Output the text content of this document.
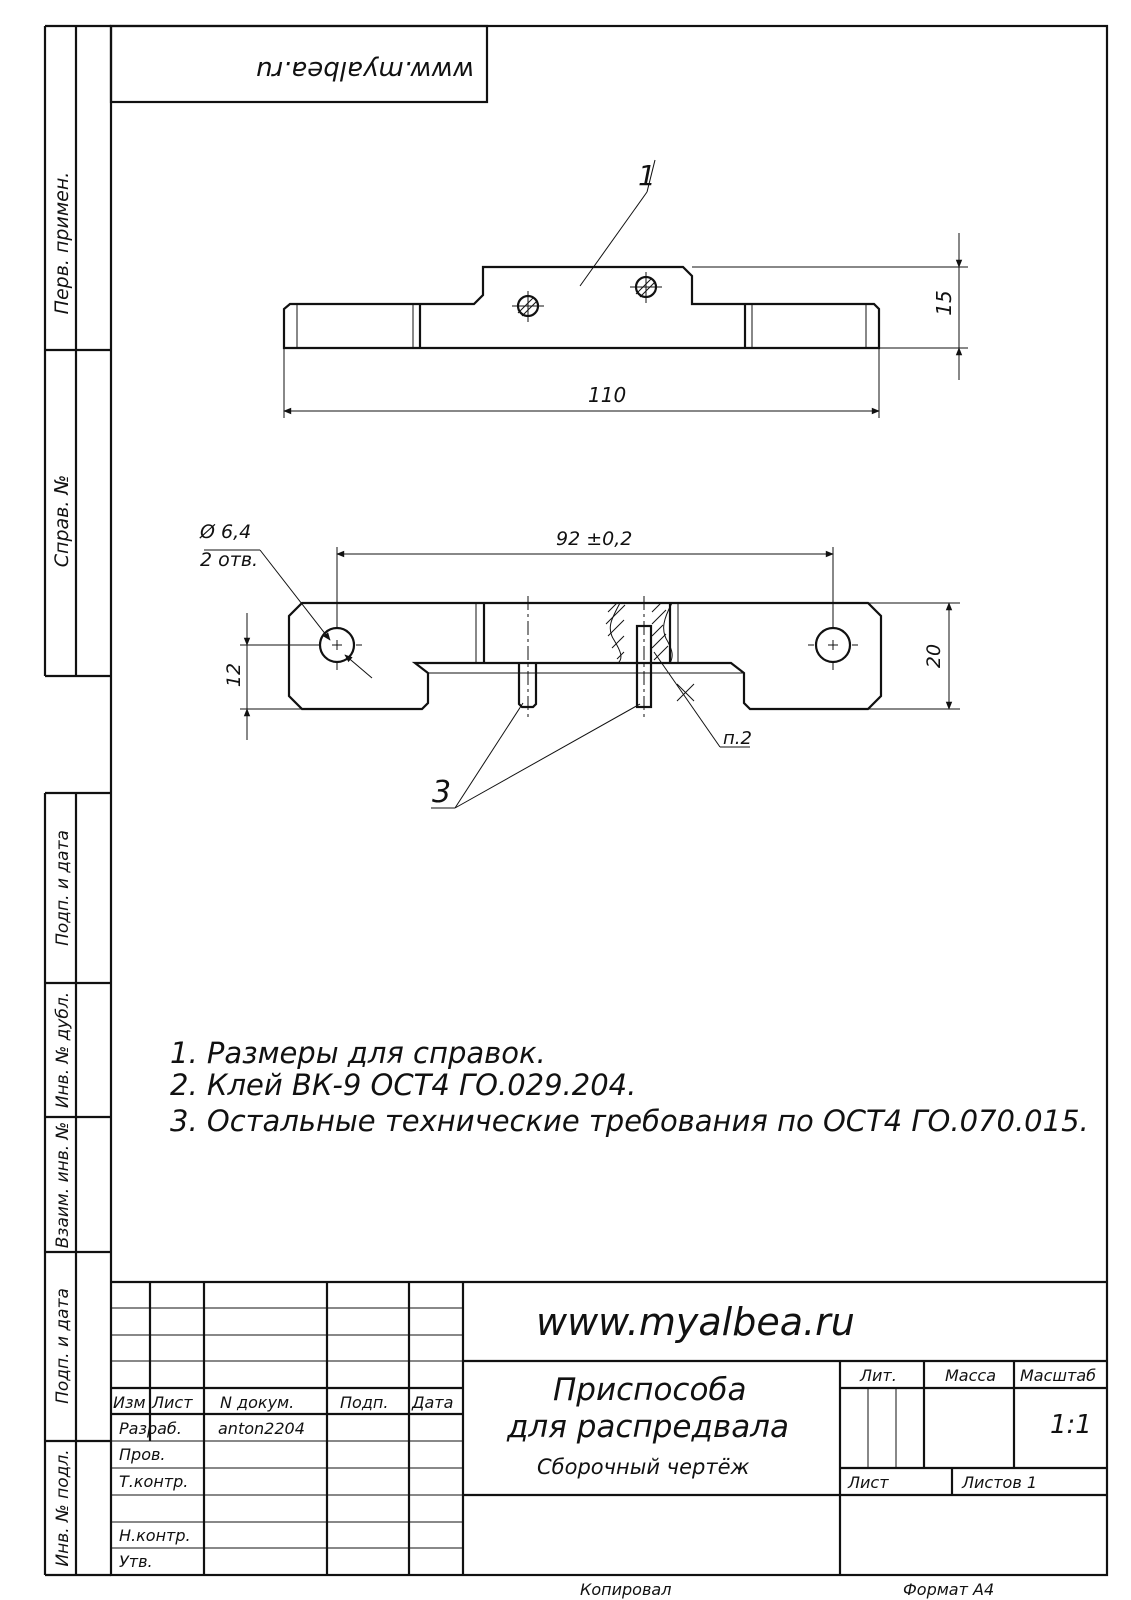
Перв. примен.
Справ. №
Подп. и дата
Инв. № дубл.
Взаим. инв. №
Подп. и дата
Инв. № подл.
www.myalbea.ru
1
110
15
Ø 6,4
2 отв.
92 ±0,2
12
20
п.2
3
1. Размеры для справок.
2. Клей ВК-9 ОСТ4 ГО.029.204.
3. Остальные технические требования по ОСТ4 ГО.070.015.
www.myalbea.ru
Приспособа
для распредвала
Сборочный чертёж
Изм Лист N докум.	Подп. Дата
Разраб. anton2204
Пров.
Т.контр.
Н.контр.
Утв.
Лит.	Масса Масштаб
1:1
Лист	Листов 1
Копировал	Формат А4
